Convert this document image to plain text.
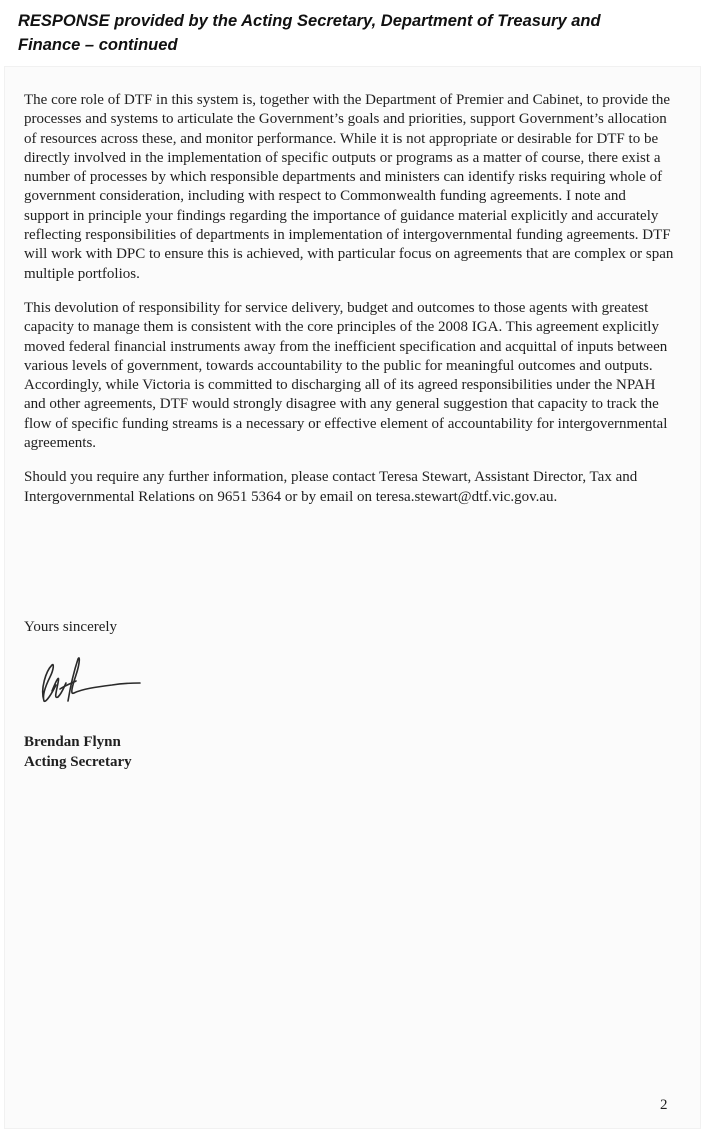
RESPONSE provided by the Acting Secretary, Department of Treasury and
Finance – continued

The core role of DTF in this system is, together with the Department of Premier and Cabinet, to provide the processes and systems to articulate the Government’s goals and priorities, support Government’s allocation of resources across these, and monitor performance. While it is not appropriate or desirable for DTF to be directly involved in the implementation of specific outputs or programs as a matter of course, there exist a number of processes by which responsible departments and ministers can identify risks requiring whole of government consideration, including with respect to Commonwealth funding agreements. I note and support in principle your findings regarding the importance of guidance material explicitly and accurately reflecting responsibilities of departments in implementation of intergovernmental funding agreements. DTF will work with DPC to ensure this is achieved, with particular focus on agreements that are complex or span multiple portfolios.

This devolution of responsibility for service delivery, budget and outcomes to those agents with greatest capacity to manage them is consistent with the core principles of the 2008 IGA. This agreement explicitly moved federal financial instruments away from the inefficient specification and acquittal of inputs between various levels of government, towards accountability to the public for meaningful outcomes and outputs. Accordingly, while Victoria is committed to discharging all of its agreed responsibilities under the NPAH and other agreements, DTF would strongly disagree with any general suggestion that capacity to track the flow of specific funding streams is a necessary or effective element of accountability for intergovernmental agreements.

Should you require any further information, please contact Teresa Stewart, Assistant Director, Tax and Intergovernmental Relations on 9651 5364 or by email on teresa.stewart@dtf.vic.gov.au.

Yours sincerely
Brendan Flynn
Acting Secretary
2
